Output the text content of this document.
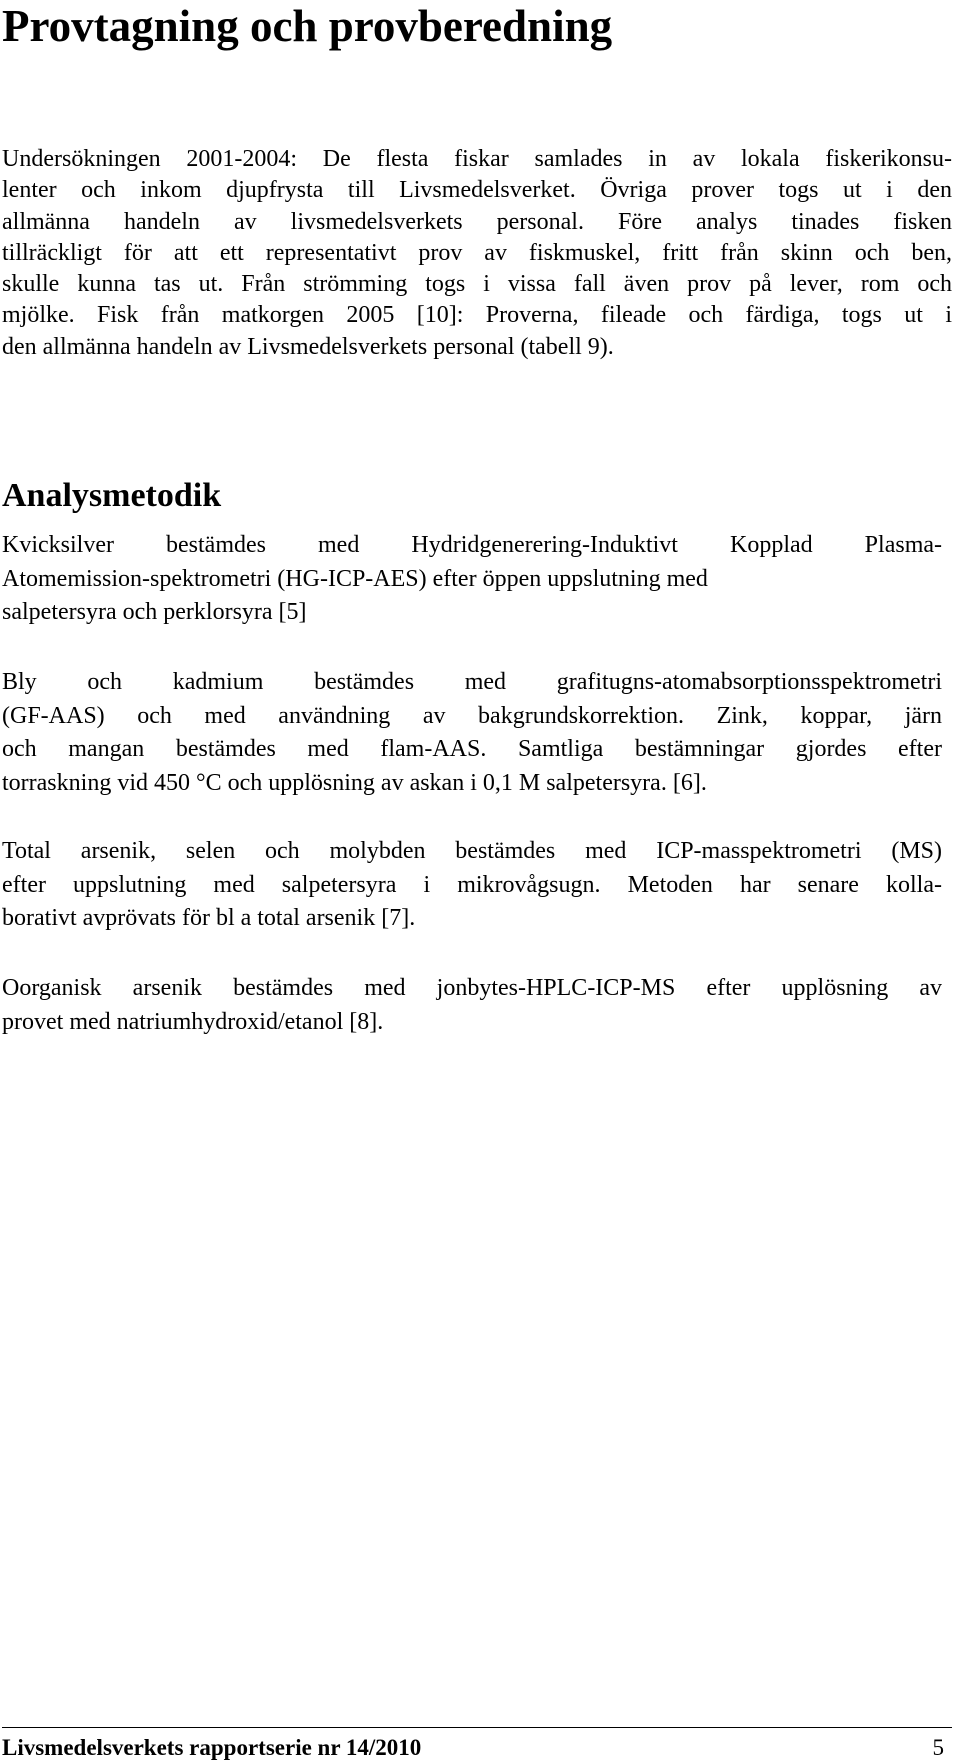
Provtagning och provberedning
Undersökningen 2001-2004: De flesta fiskar samlades in av lokala fiskerikonsu-
lenter och inkom djupfrysta till Livsmedelsverket. Övriga prover togs ut i den
allmänna handeln av livsmedelsverkets personal. Före analys tinades fisken
tillräckligt för att ett representativt prov av fiskmuskel, fritt från skinn och ben,
skulle kunna tas ut. Från strömming togs i vissa fall även prov på lever, rom och
mjölke. Fisk från matkorgen 2005 [10]: Proverna, fileade och färdiga, togs ut i
den allmänna handeln av Livsmedelsverkets personal (tabell 9).
Analysmetodik
Kvicksilver bestämdes med Hydridgenerering-Induktivt Kopplad Plasma-
Atomemission-spektrometri (HG-ICP-AES) efter öppen uppslutning med
salpetersyra och perklorsyra [5]
Bly och kadmium bestämdes med grafitugns-atomabsorptionsspektrometri
(GF-AAS) och med användning av bakgrundskorrektion. Zink, koppar, järn
och mangan bestämdes med flam-AAS. Samtliga bestämningar gjordes efter
torraskning vid 450 °C och upplösning av askan i 0,1 M salpetersyra. [6].
Total arsenik, selen och molybden bestämdes med ICP-masspektrometri (MS)
efter uppslutning med salpetersyra i mikrovågsugn. Metoden har senare kolla-
borativt avprövats för bl a total arsenik [7].
Oorganisk arsenik bestämdes med jonbytes-HPLC-ICP-MS efter upplösning av
provet med natriumhydroxid/etanol [8].

Livsmedelsverkets rapportserie nr 14/2010	5
